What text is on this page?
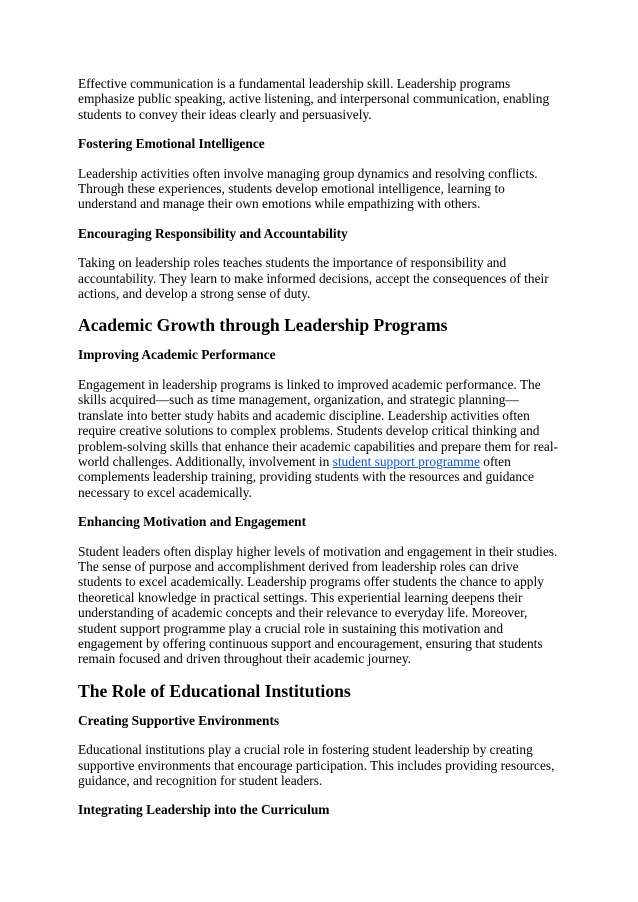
Effective communication is a fundamental leadership skill. Leadership programs emphasize public speaking, active listening, and interpersonal communication, enabling students to convey their ideas clearly and persuasively.

Fostering Emotional Intelligence

Leadership activities often involve managing group dynamics and resolving conflicts. Through these experiences, students develop emotional intelligence, learning to understand and manage their own emotions while empathizing with others.

Encouraging Responsibility and Accountability

Taking on leadership roles teaches students the importance of responsibility and accountability. They learn to make informed decisions, accept the consequences of their actions, and develop a strong sense of duty.

Academic Growth through Leadership Programs
Improving Academic Performance

Engagement in leadership programs is linked to improved academic performance. The skills acquired—such as time management, organization, and strategic planning—translate into better study habits and academic discipline. Leadership activities often require creative solutions to complex problems. Students develop critical thinking and problem-solving skills that enhance their academic capabilities and prepare them for real-world challenges. Additionally, involvement in student support programme often complements leadership training, providing students with the resources and guidance necessary to excel academically.

Enhancing Motivation and Engagement

Student leaders often display higher levels of motivation and engagement in their studies. The sense of purpose and accomplishment derived from leadership roles can drive students to excel academically. Leadership programs offer students the chance to apply theoretical knowledge in practical settings. This experiential learning deepens their understanding of academic concepts and their relevance to everyday life. Moreover, student support programme play a crucial role in sustaining this motivation and engagement by offering continuous support and encouragement, ensuring that students remain focused and driven throughout their academic journey.

The Role of Educational Institutions
Creating Supportive Environments

Educational institutions play a crucial role in fostering student leadership by creating supportive environments that encourage participation. This includes providing resources, guidance, and recognition for student leaders.

Integrating Leadership into the Curriculum
